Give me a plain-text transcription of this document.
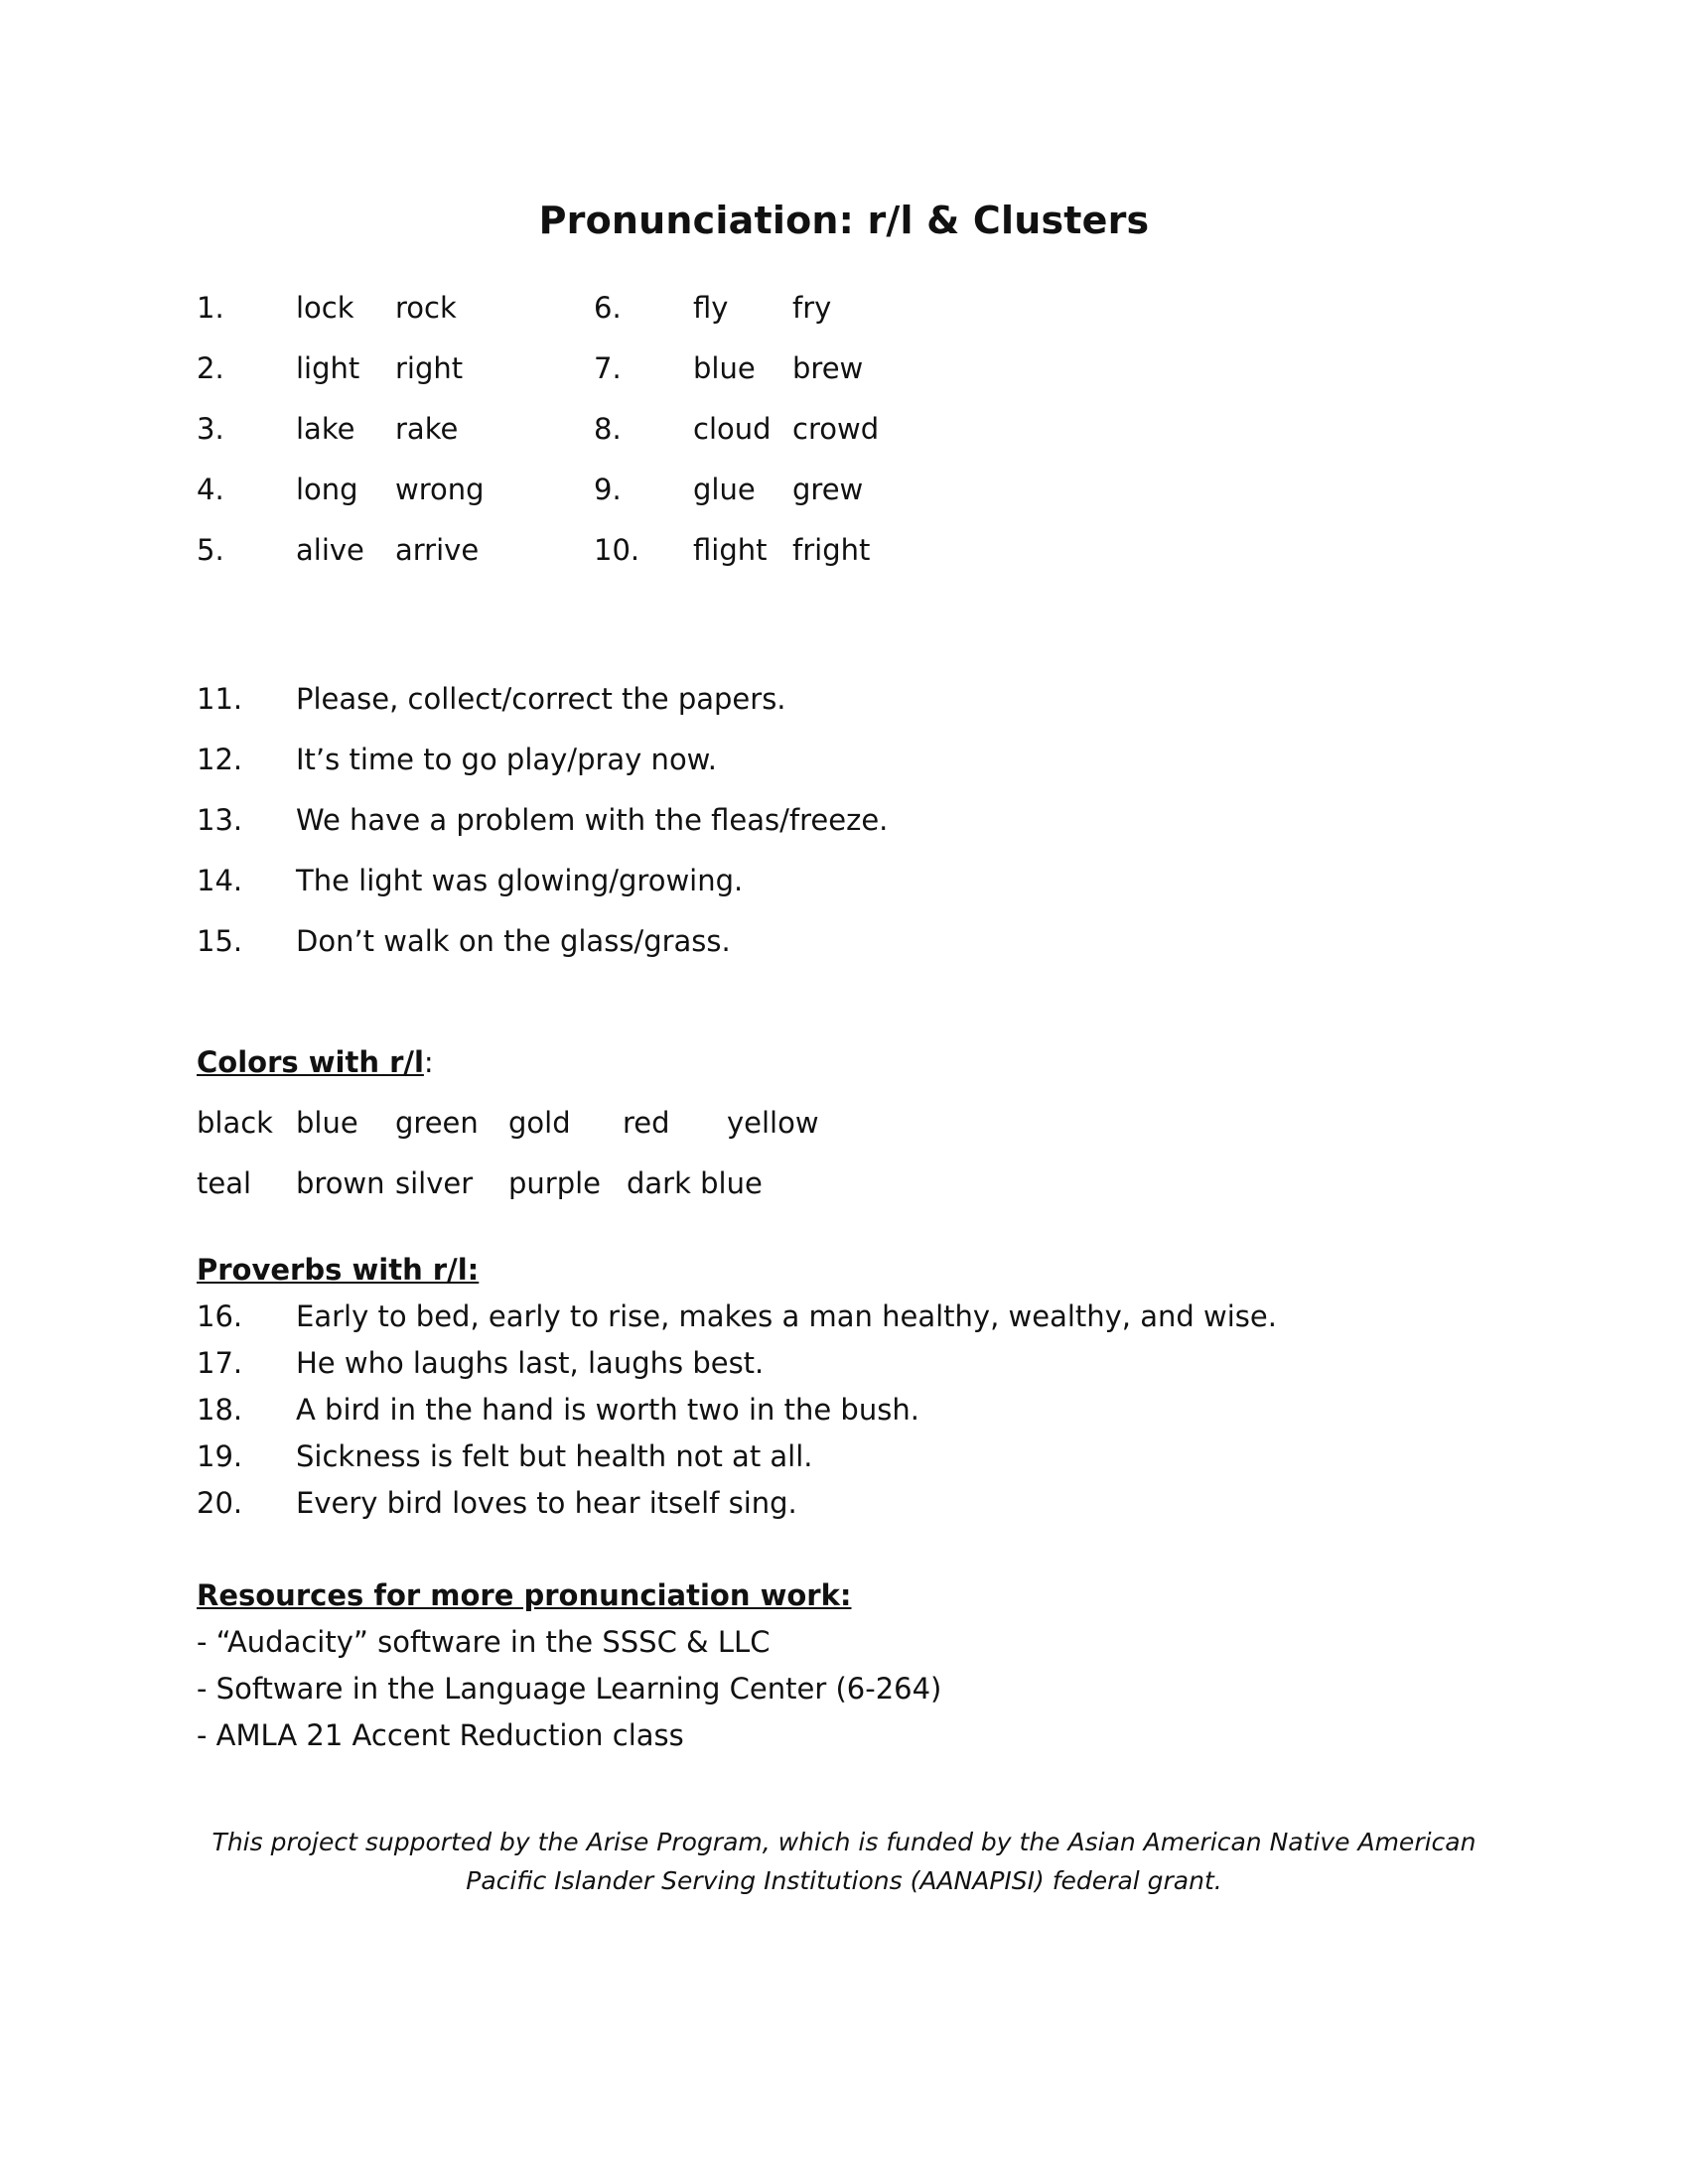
Pronunciation: r/l & Clusters
1. lock rock
2. light right
3. lake rake
4. long wrong
5. alive arrive
6. fly fry
7. blue brew
8. cloud crowd
9. glue grew
10. flight fright
11. Please, collect/correct the papers.
12. It’s time to go play/pray now.
13. We have a problem with the fleas/freeze.
14. The light was glowing/growing.
15. Don’t walk on the glass/grass.
Colors with r/l:
black blue green gold red yellow
teal brown silver purple dark blue
Proverbs with r/l:
16. Early to bed, early to rise, makes a man healthy, wealthy, and wise.
17. He who laughs last, laughs best.
18. A bird in the hand is worth two in the bush.
19. Sickness is felt but health not at all.
20. Every bird loves to hear itself sing.
Resources for more pronunciation work:
- “Audacity” software in the SSSC & LLC
- Software in the Language Learning Center (6-264)
- AMLA 21 Accent Reduction class
This project supported by the Arise Program, which is funded by the Asian American Native American Pacific Islander Serving Institutions (AANAPISI) federal grant.
